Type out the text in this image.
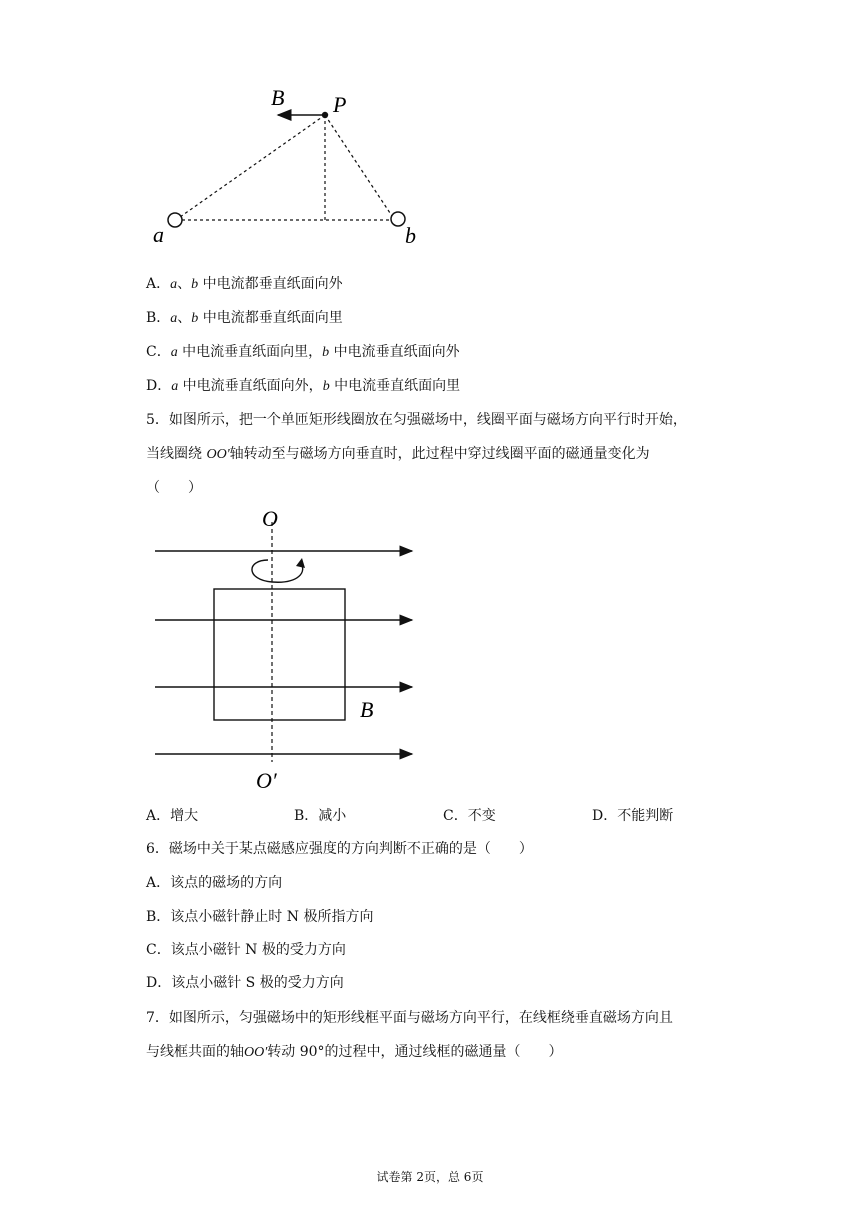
B P
a	b
A．a、b 中电流都垂直纸面向外
B．a、b 中电流都垂直纸面向里
C．a 中电流垂直纸面向里，b 中电流垂直纸面向外
D．a 中电流垂直纸面向外，b 中电流垂直纸面向里
5．如图所示，把一个单匝矩形线圈放在匀强磁场中，线圈平面与磁场方向平行时开始，
当线圈绕 OO'轴转动至与磁场方向垂直时，此过程中穿过线圈平面的磁通量变化为
（　　）
O
O′
B
A．增大	B．减小	C．不变	D．不能判断
6．磁场中关于某点磁感应强度的方向判断不正确的是（　　）
A．该点的磁场的方向
B．该点小磁针静止时 N 极所指方向
C．该点小磁针 N 极的受力方向
D．该点小磁针 S 极的受力方向
7．如图所示，匀强磁场中的矩形线框平面与磁场方向平行，在线框绕垂直磁场方向且
与线框共面的轴OO′转动 90°的过程中，通过线框的磁通量（　　）
试卷第 2页，总 6页
